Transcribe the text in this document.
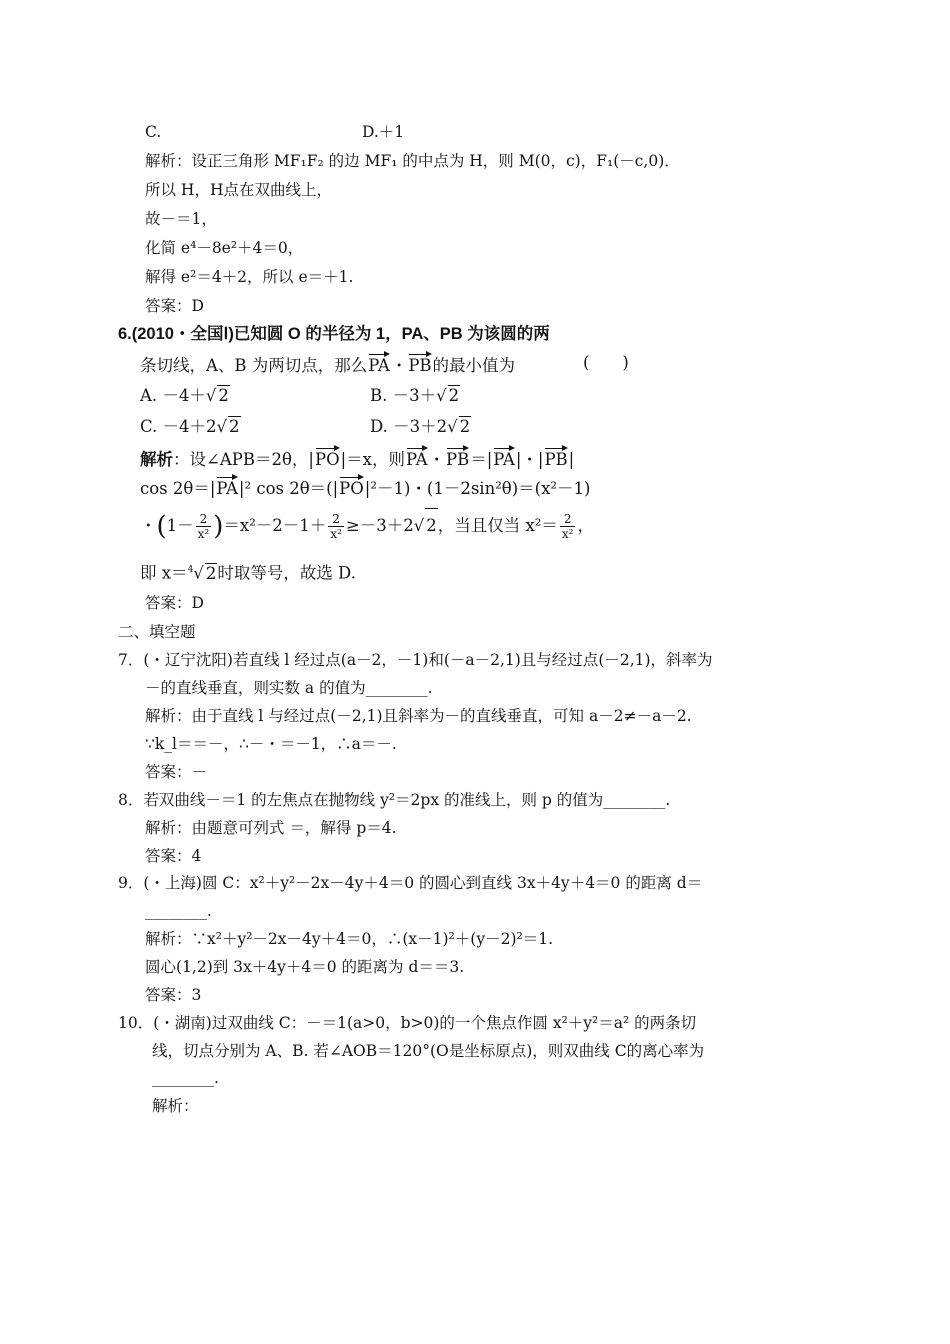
C.	D.＋1
解析：设正三角形 MF₁F₂ 的边 MF₁ 的中点为 H，则 M(0，c)，F₁(－c,0)．
所以 H，H点在双曲线上，
故－＝1，
化简 e⁴－8e²＋4＝0，
解得 e²＝4＋2，所以 e＝＋1.
答案：D
6.(2010・全国Ⅰ)已知圆 O 的半径为 1，PA、PB 为该圆的两
条切线，A、B 为两切点，那么PA・PB的最小值为	(　　)
A. －4＋√ 2	B. －3＋√ 2
C. －4＋2√ 2	D. －3＋2√ 2
解析：设∠APB＝2θ，|PO|＝x，则PA・PB＝|PA|・|PB|
cos 2θ＝|PA|² cos 2θ＝(|PO|²－1)・(1－2sin²θ)＝(x²－1)
・$(1- \frac{2}{\text{x²}} )=x^2-2-1+ \frac{2}{\text{x²}} \ge-3+2√$ 2，当且仅当 $x^2= \frac{2}{\text{x²}}$ ，
即 x＝$^4$√ 2时取等号，故选 D.
答案：D
二、填空题
7．(・辽宁沈阳)若直线 l 经过点(a－2，－1)和(－a－2,1)且与经过点(－2,1)，斜率为
－的直线垂直，则实数 a 的值为________.
解析：由于直线 l 与经过点(－2,1)且斜率为－的直线垂直，可知 a－2≠－a－2.
∵k_l＝＝－，∴－・＝－1，∴a＝－.
答案：－
8．若双曲线－＝1 的左焦点在抛物线 y²＝2px 的准线上，则 p 的值为________.
解析：由题意可列式 ＝，解得 p＝4.
答案：4
9．(・上海)圆 C：x²＋y²－2x－4y＋4＝0 的圆心到直线 3x＋4y＋4＝0 的距离 d＝
________.
解析：∵x²＋y²－2x－4y＋4＝0，∴(x－1)²＋(y－2)²＝1.
圆心(1,2)到 3x＋4y＋4＝0 的距离为 d＝＝3.
答案：3
10．(・湖南)过双曲线 C：－＝1(a>0，b>0)的一个焦点作圆 x²＋y²＝a² 的两条切
线，切点分别为 A、B. 若∠AOB＝120°(O是坐标原点)，则双曲线 C的离心率为
________.
解析：
